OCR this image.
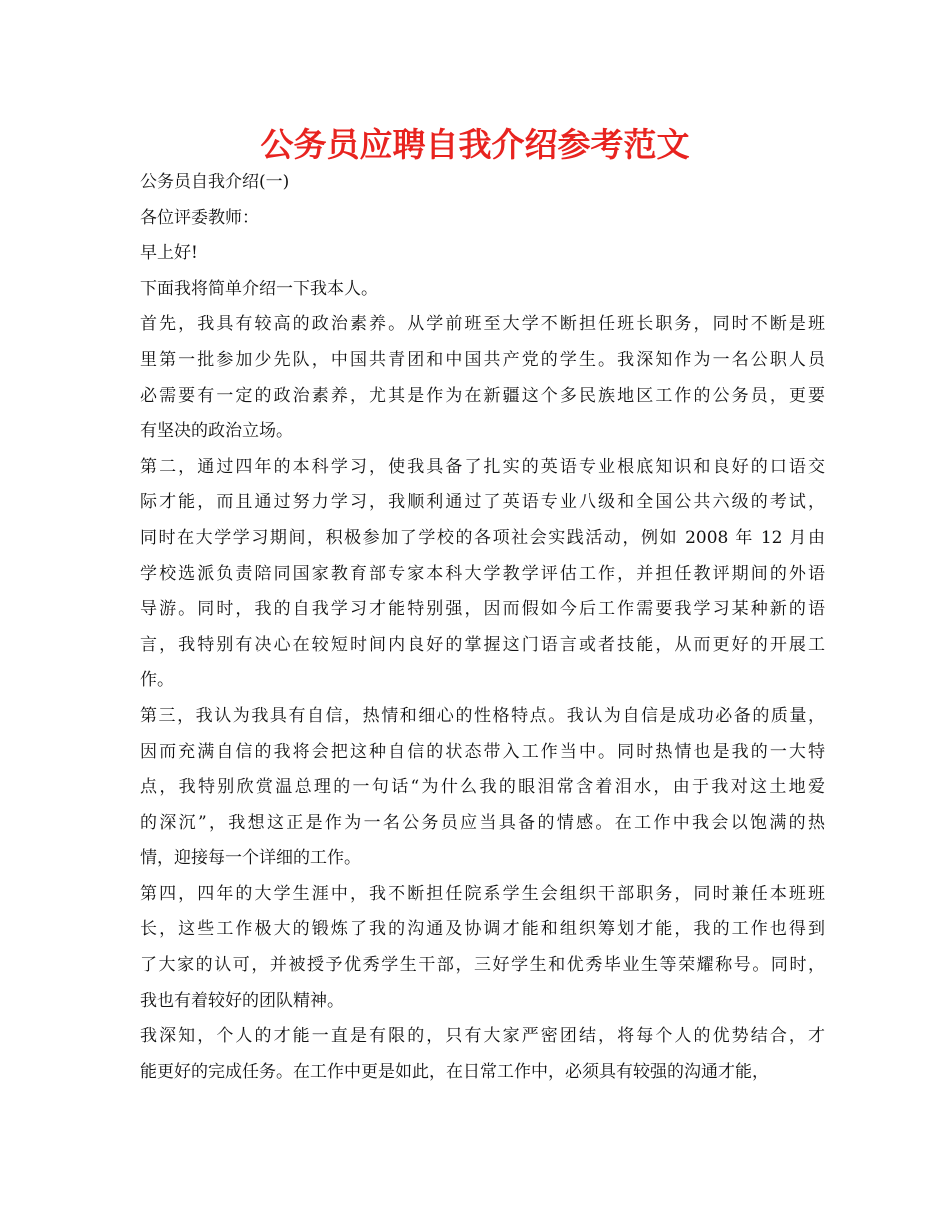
公务员应聘自我介绍参考范文

公务员自我介绍(一)

各位评委教师：

早上好!

下面我将简单介绍一下我本人。

首先，我具有较高的政治素养。从学前班至大学不断担任班长职务，同时不断是班
里第一批参加少先队，中国共青团和中国共产党的学生。我深知作为一名公职人员
必需要有一定的政治素养，尤其是作为在新疆这个多民族地区工作的公务员，更要
有坚决的政治立场。

第二，通过四年的本科学习，使我具备了扎实的英语专业根底知识和良好的口语交
际才能，而且通过努力学习，我顺利通过了英语专业八级和全国公共六级的考试，
同时在大学学习期间，积极参加了学校的各项社会实践活动，例如 2008 年 12 月由
学校选派负责陪同国家教育部专家本科大学教学评估工作，并担任教评期间的外语
导游。同时，我的自我学习才能特别强，因而假如今后工作需要我学习某种新的语
言，我特别有决心在较短时间内良好的掌握这门语言或者技能，从而更好的开展工
作。

第三，我认为我具有自信，热情和细心的性格特点。我认为自信是成功必备的质量，
因而充满自信的我将会把这种自信的状态带入工作当中。同时热情也是我的一大特
点，我特别欣赏温总理的一句话“为什么我的眼泪常含着泪水，由于我对这土地爱
的深沉”，我想这正是作为一名公务员应当具备的情感。在工作中我会以饱满的热
情，迎接每一个详细的工作。

第四，四年的大学生涯中，我不断担任院系学生会组织干部职务，同时兼任本班班
长，这些工作极大的锻炼了我的沟通及协调才能和组织筹划才能，我的工作也得到
了大家的认可，并被授予优秀学生干部，三好学生和优秀毕业生等荣耀称号。同时，
我也有着较好的团队精神。

我深知，个人的才能一直是有限的，只有大家严密团结，将每个人的优势结合，才
能更好的完成任务。在工作中更是如此，在日常工作中，必须具有较强的沟通才能，
